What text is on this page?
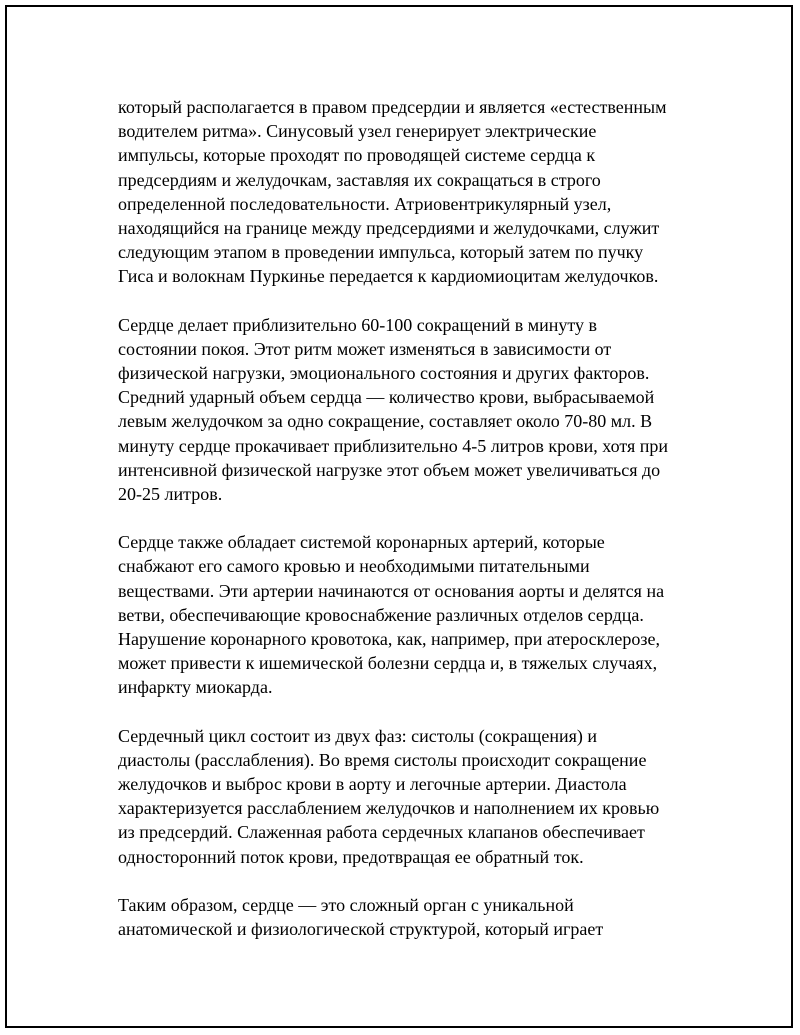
который располагается в правом предсердии и является «естественным
водителем ритма». Синусовый узел генерирует электрические
импульсы, которые проходят по проводящей системе сердца к
предсердиям и желудочкам, заставляя их сокращаться в строго
определенной последовательности. Атриовентрикулярный узел,
находящийся на границе между предсердиями и желудочками, служит
следующим этапом в проведении импульса, который затем по пучку
Гиса и волокнам Пуркинье передается к кардиомиоцитам желудочков.

Сердце делает приблизительно 60-100 сокращений в минуту в
состоянии покоя. Этот ритм может изменяться в зависимости от
физической нагрузки, эмоционального состояния и других факторов.
Средний ударный объем сердца — количество крови, выбрасываемой
левым желудочком за одно сокращение, составляет около 70-80 мл. В
минуту сердце прокачивает приблизительно 4-5 литров крови, хотя при
интенсивной физической нагрузке этот объем может увеличиваться до
20-25 литров.

Сердце также обладает системой коронарных артерий, которые
снабжают его самого кровью и необходимыми питательными
веществами. Эти артерии начинаются от основания аорты и делятся на
ветви, обеспечивающие кровоснабжение различных отделов сердца.
Нарушение коронарного кровотока, как, например, при атеросклерозе,
может привести к ишемической болезни сердца и, в тяжелых случаях,
инфаркту миокарда.

Сердечный цикл состоит из двух фаз: систолы (сокращения) и
диастолы (расслабления). Во время систолы происходит сокращение
желудочков и выброс крови в аорту и легочные артерии. Диастола
характеризуется расслаблением желудочков и наполнением их кровью
из предсердий. Слаженная работа сердечных клапанов обеспечивает
односторонний поток крови, предотвращая ее обратный ток.

Таким образом, сердце — это сложный орган с уникальной
анатомической и физиологической структурой, который играет
